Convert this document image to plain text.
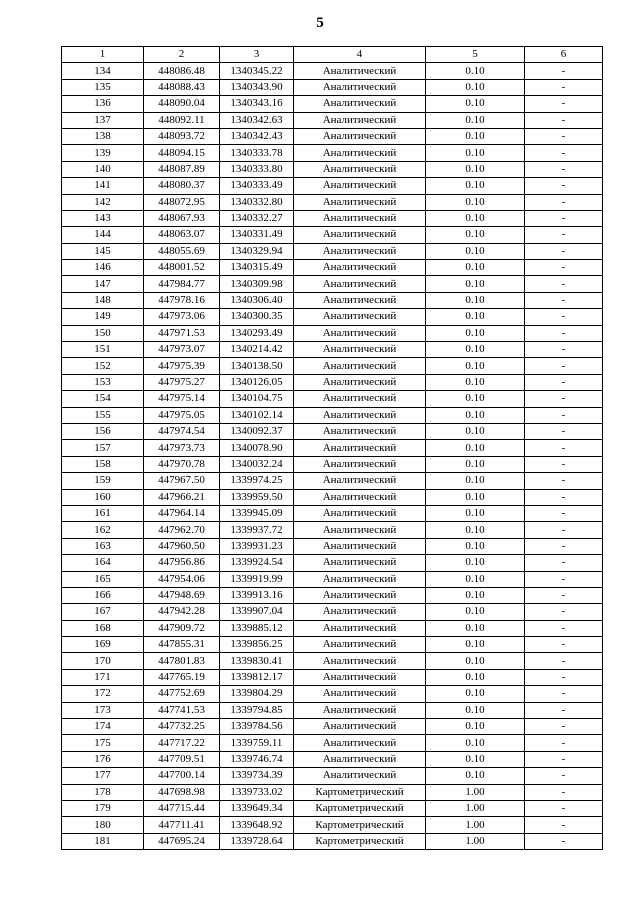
5
1	2	3	4	5	6
134	448086.48	1340345.22	Аналитический	0.10	-
135	448088.43	1340343.90	Аналитический	0.10	-
136	448090.04	1340343.16	Аналитический	0.10	-
137	448092.11	1340342.63	Аналитический	0.10	-
138	448093.72	1340342.43	Аналитический	0.10	-
139	448094.15	1340333.78	Аналитический	0.10	-
140	448087.89	1340333.80	Аналитический	0.10	-
141	448080.37	1340333.49	Аналитический	0.10	-
142	448072.95	1340332.80	Аналитический	0.10	-
143	448067.93	1340332.27	Аналитический	0.10	-
144	448063.07	1340331.49	Аналитический	0.10	-
145	448055.69	1340329.94	Аналитический	0.10	-
146	448001.52	1340315.49	Аналитический	0.10	-
147	447984.77	1340309.98	Аналитический	0.10	-
148	447978.16	1340306.40	Аналитический	0.10	-
149	447973.06	1340300.35	Аналитический	0.10	-
150	447971.53	1340293.49	Аналитический	0.10	-
151	447973.07	1340214.42	Аналитический	0.10	-
152	447975.39	1340138.50	Аналитический	0.10	-
153	447975.27	1340126.05	Аналитический	0.10	-
154	447975.14	1340104.75	Аналитический	0.10	-
155	447975.05	1340102.14	Аналитический	0.10	-
156	447974.54	1340092.37	Аналитический	0.10	-
157	447973.73	1340078.90	Аналитический	0.10	-
158	447970.78	1340032.24	Аналитический	0.10	-
159	447967.50	1339974.25	Аналитический	0.10	-
160	447966.21	1339959.50	Аналитический	0.10	-
161	447964.14	1339945.09	Аналитический	0.10	-
162	447962.70	1339937.72	Аналитический	0.10	-
163	447960.50	1339931.23	Аналитический	0.10	-
164	447956.86	1339924.54	Аналитический	0.10	-
165	447954.06	1339919.99	Аналитический	0.10	-
166	447948.69	1339913.16	Аналитический	0.10	-
167	447942.28	1339907.04	Аналитический	0.10	-
168	447909.72	1339885.12	Аналитический	0.10	-
169	447855.31	1339856.25	Аналитический	0.10	-
170	447801.83	1339830.41	Аналитический	0.10	-
171	447765.19	1339812.17	Аналитический	0.10	-
172	447752.69	1339804.29	Аналитический	0.10	-
173	447741.53	1339794.85	Аналитический	0.10	-
174	447732.25	1339784.56	Аналитический	0.10	-
175	447717.22	1339759.11	Аналитический	0.10	-
176	447709.51	1339746.74	Аналитический	0.10	-
177	447700.14	1339734.39	Аналитический	0.10	-
178	447698.98	1339733.02	Картометрический	1.00	-
179	447715.44	1339649.34	Картометрический	1.00	-
180	447711.41	1339648.92	Картометрический	1.00	-
181	447695.24	1339728.64	Картометрический	1.00	-
